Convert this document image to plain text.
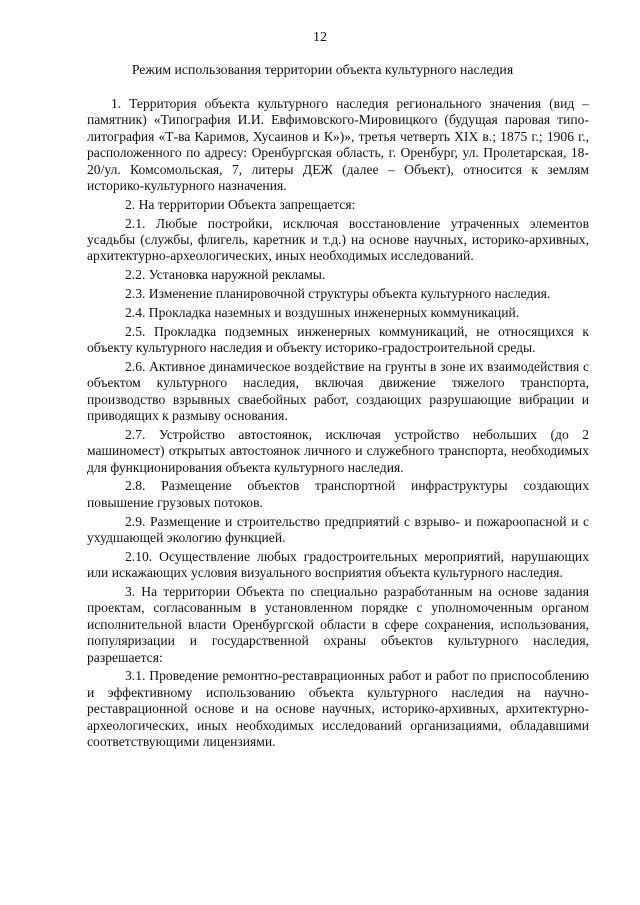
12
Режим использования территории объекта культурного наследия

1. Территория объекта культурного наследия регионального значения (вид – памятник) «Типография И.И. Евфимовского-Мировицкого (будущая паровая типо-литография «Т-ва Каримов, Хусаинов и К»)», третья четверть XIX в.; 1875 г.; 1906 г., расположенного по адресу: Оренбургская область, г. Оренбург, ул. Пролетарская, 18-20/ул. Комсомольская, 7, литеры ДЕЖ (далее – Объект), относится к землям историко-культурного назначения.

2. На территории Объекта запрещается:

2.1. Любые постройки, исключая восстановление утраченных элементов усадьбы (службы, флигель, каретник и т.д.) на основе научных, историко-архивных, архитектурно-археологических, иных необходимых исследований.

2.2. Установка наружной рекламы.

2.3. Изменение планировочной структуры объекта культурного наследия.

2.4. Прокладка наземных и воздушных инженерных коммуникаций.

2.5. Прокладка подземных инженерных коммуникаций, не относящихся к объекту культурного наследия и объекту историко-градостроительной среды.

2.6. Активное динамическое воздействие на грунты в зоне их взаимодействия с объектом культурного наследия, включая движение тяжелого транспорта, производство взрывных сваебойных работ, создающих разрушающие вибрации и приводящих к размыву основания.

2.7. Устройство автостоянок, исключая устройство небольших (до 2 машиномест) открытых автостоянок личного и служебного транспорта, необходимых для функционирования объекта культурного наследия.

2.8. Размещение объектов транспортной инфраструктуры создающих повышение грузовых потоков.

2.9. Размещение и строительство предприятий с взрыво- и пожароопасной и с ухудшающей экологию функцией.

2.10. Осуществление любых градостроительных мероприятий, нарушающих или искажающих условия визуального восприятия объекта культурного наследия.

3. На территории Объекта по специально разработанным на основе задания проектам, согласованным в установленном порядке с уполномоченным органом исполнительной власти Оренбургской области в сфере сохранения, использования, популяризации и государственной охраны объектов культурного наследия, разрешается:

3.1. Проведение ремонтно-реставрационных работ и работ по приспособлению и эффективному использованию объекта культурного наследия на научно-реставрационной основе и на основе научных, историко-архивных, архитектурно-археологических, иных необходимых исследований организациями, обладавшими соответствующими лицензиями.
